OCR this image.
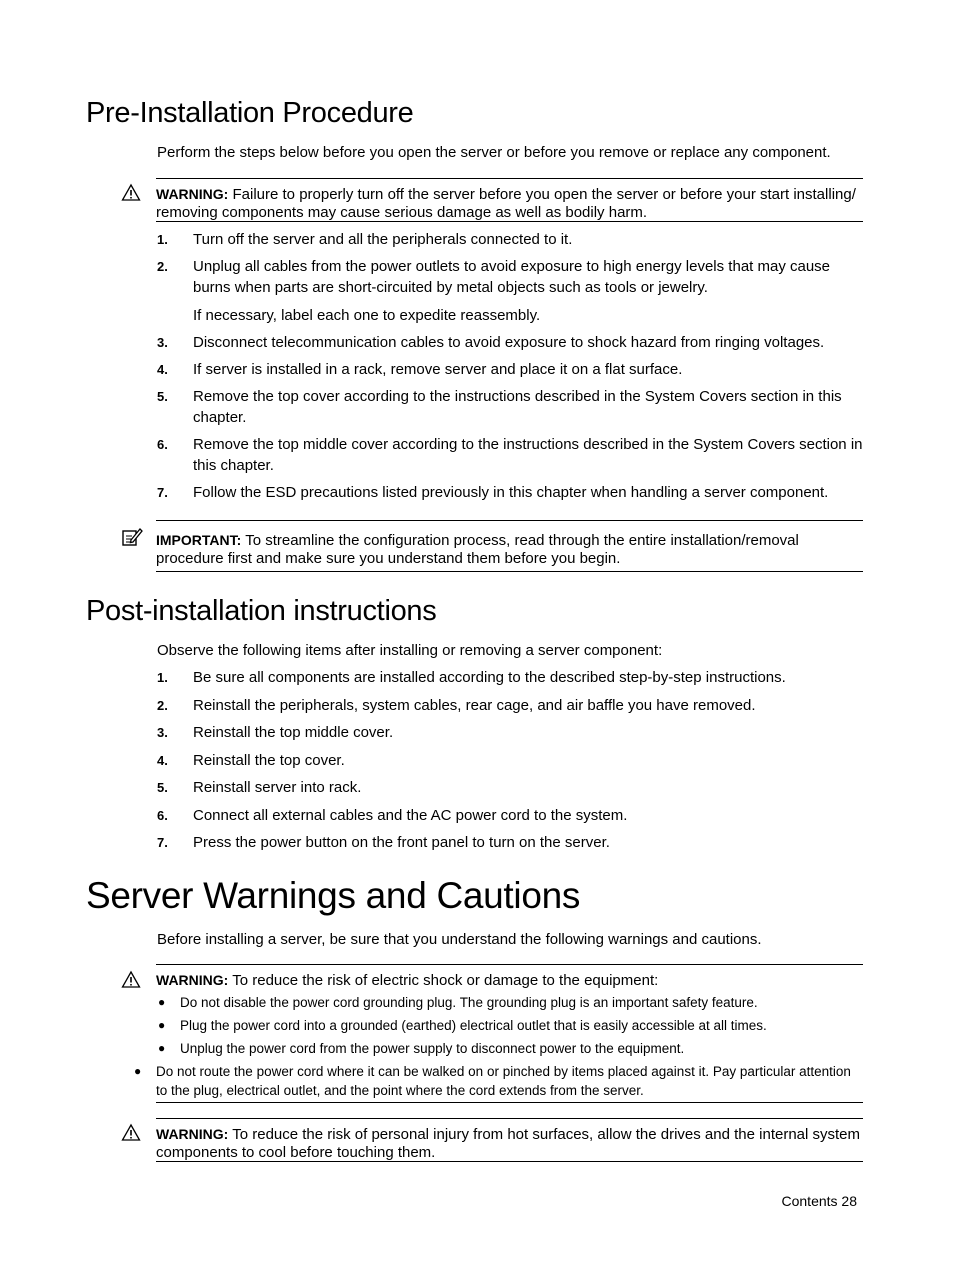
Pre-Installation Procedure
Perform the steps below before you open the server or before you remove or replace any component.
WARNING: Failure to properly turn off the server before you open the server or before your start installing/ removing components may cause serious damage as well as bodily harm.
1. Turn off the server and all the peripherals connected to it.
2. Unplug all cables from the power outlets to avoid exposure to high energy levels that may cause burns when parts are short-circuited by metal objects such as tools or jewelry.
If necessary, label each one to expedite reassembly.
3. Disconnect telecommunication cables to avoid exposure to shock hazard from ringing voltages.
4. If server is installed in a rack, remove server and place it on a flat surface.
5. Remove the top cover according to the instructions described in the System Covers section in this chapter.
6. Remove the top middle cover according to the instructions described in the System Covers section in this chapter.
7. Follow the ESD precautions listed previously in this chapter when handling a server component.
IMPORTANT: To streamline the configuration process, read through the entire installation/removal procedure first and make sure you understand them before you begin.
Post-installation instructions
Observe the following items after installing or removing a server component:
1. Be sure all components are installed according to the described step-by-step instructions.
2. Reinstall the peripherals, system cables, rear cage, and air baffle you have removed.
3. Reinstall the top middle cover.
4. Reinstall the top cover.
5. Reinstall server into rack.
6. Connect all external cables and the AC power cord to the system.
7. Press the power button on the front panel to turn on the server.
Server Warnings and Cautions
Before installing a server, be sure that you understand the following warnings and cautions.
WARNING: To reduce the risk of electric shock or damage to the equipment:
● Do not disable the power cord grounding plug. The grounding plug is an important safety feature.
● Plug the power cord into a grounded (earthed) electrical outlet that is easily accessible at all times.
● Unplug the power cord from the power supply to disconnect power to the equipment.
● Do not route the power cord where it can be walked on or pinched by items placed against it. Pay particular attention to the plug, electrical outlet, and the point where the cord extends from the server.
WARNING: To reduce the risk of personal injury from hot surfaces, allow the drives and the internal system components to cool before touching them.
Contents 28
